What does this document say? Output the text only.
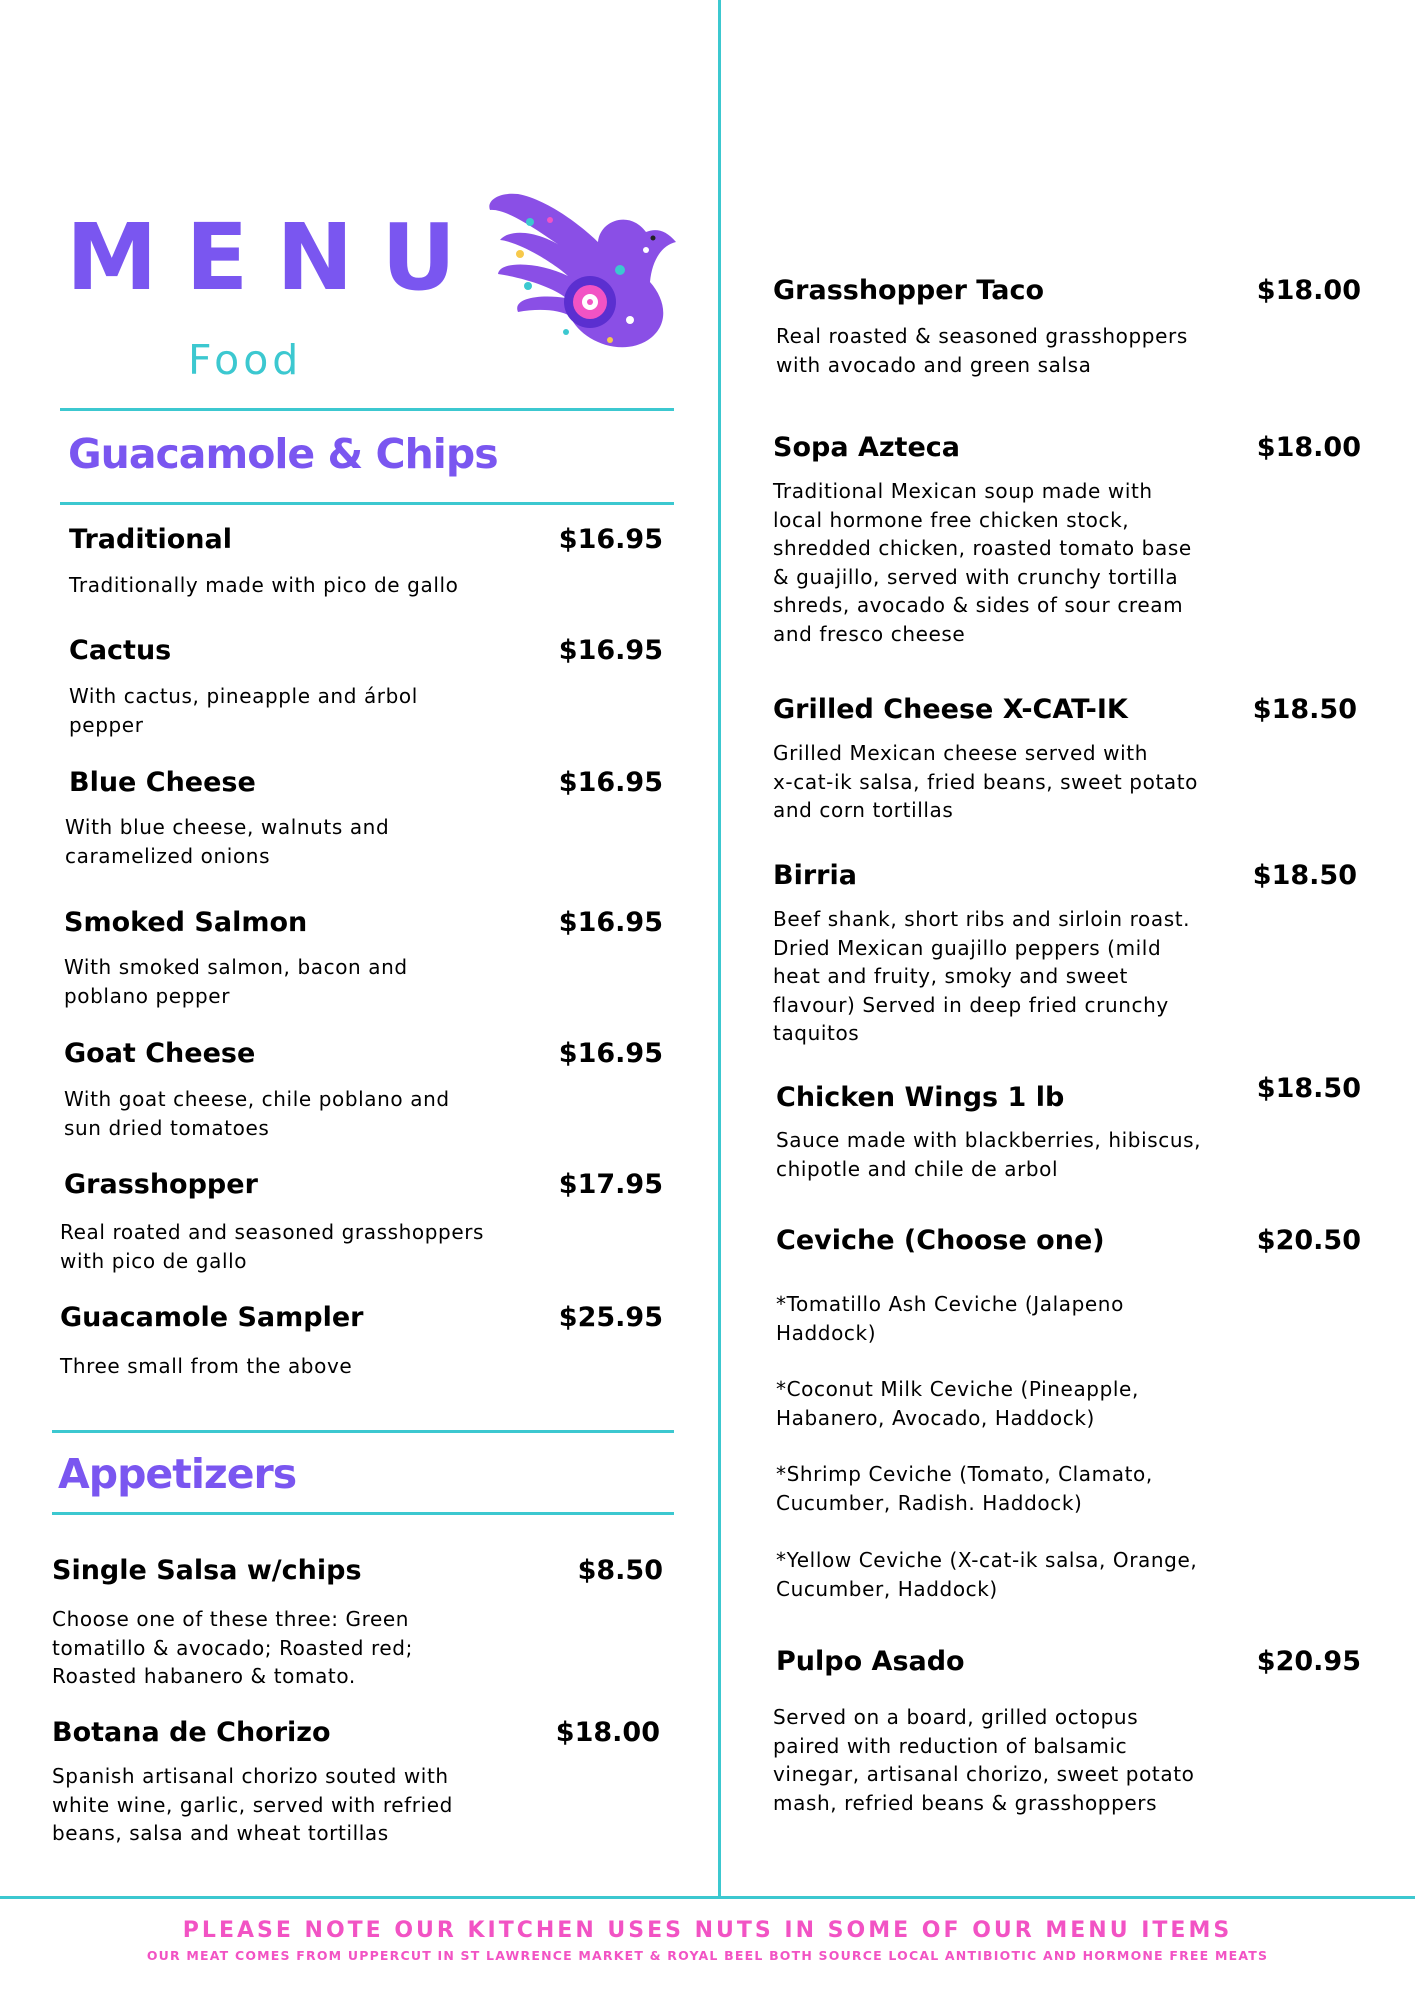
MENU
Food
Guacamole & Chips
Appetizers
Traditional	$16.95
Traditionally made with pico de gallo
Cactus	$16.95
With cactus, pineapple and árbol
pepper
Blue Cheese	$16.95
With blue cheese, walnuts and
caramelized onions
Smoked Salmon	$16.95
With smoked salmon, bacon and
poblano pepper
Goat Cheese	$16.95
With goat cheese, chile poblano and
sun dried tomatoes
Grasshopper	$17.95
Real roated and seasoned grasshoppers
with pico de gallo
Guacamole Sampler	$25.95
Three small from the above
Single Salsa w/chips	$8.50
Choose one of these three: Green
tomatillo & avocado; Roasted red;
Roasted habanero & tomato.
Botana de Chorizo	$18.00
Spanish artisanal chorizo souted with
white wine, garlic, served with refried
beans, salsa and wheat tortillas
Grasshopper Taco	$18.00
Real roasted & seasoned grasshoppers
with avocado and green salsa
Sopa Azteca	$18.00
Traditional Mexican soup made with
local hormone free chicken stock,
shredded chicken, roasted tomato base
& guajillo, served with crunchy tortilla
shreds, avocado & sides of sour cream
and fresco cheese
Grilled Cheese X-CAT-IK	$18.50
Grilled Mexican cheese served with
x-cat-ik salsa, fried beans, sweet potato
and corn tortillas
Birria	$18.50
Beef shank, short ribs and sirloin roast.
Dried Mexican guajillo peppers (mild
heat and fruity, smoky and sweet
flavour) Served in deep fried crunchy
taquitos
Chicken Wings 1 lb	$18.50
Sauce made with blackberries, hibiscus,
chipotle and chile de arbol
Ceviche (Choose one)	$20.50
*Tomatillo Ash Ceviche (Jalapeno
Haddock)
*Coconut Milk Ceviche (Pineapple,
Habanero, Avocado, Haddock)
*Shrimp Ceviche (Tomato, Clamato,
Cucumber, Radish. Haddock)
*Yellow Ceviche (X-cat-ik salsa, Orange,
Cucumber, Haddock)
Pulpo Asado	$20.95
Served on a board, grilled octopus
paired with reduction of balsamic
vinegar, artisanal chorizo, sweet potato
mash, refried beans & grasshoppers
PLEASE NOTE OUR KITCHEN USES NUTS IN SOME OF OUR MENU ITEMS
OUR MEAT COMES FROM UPPERCUT IN ST LAWRENCE MARKET & ROYAL BEEL BOTH SOURCE LOCAL ANTIBIOTIC AND HORMONE FREE MEATS
